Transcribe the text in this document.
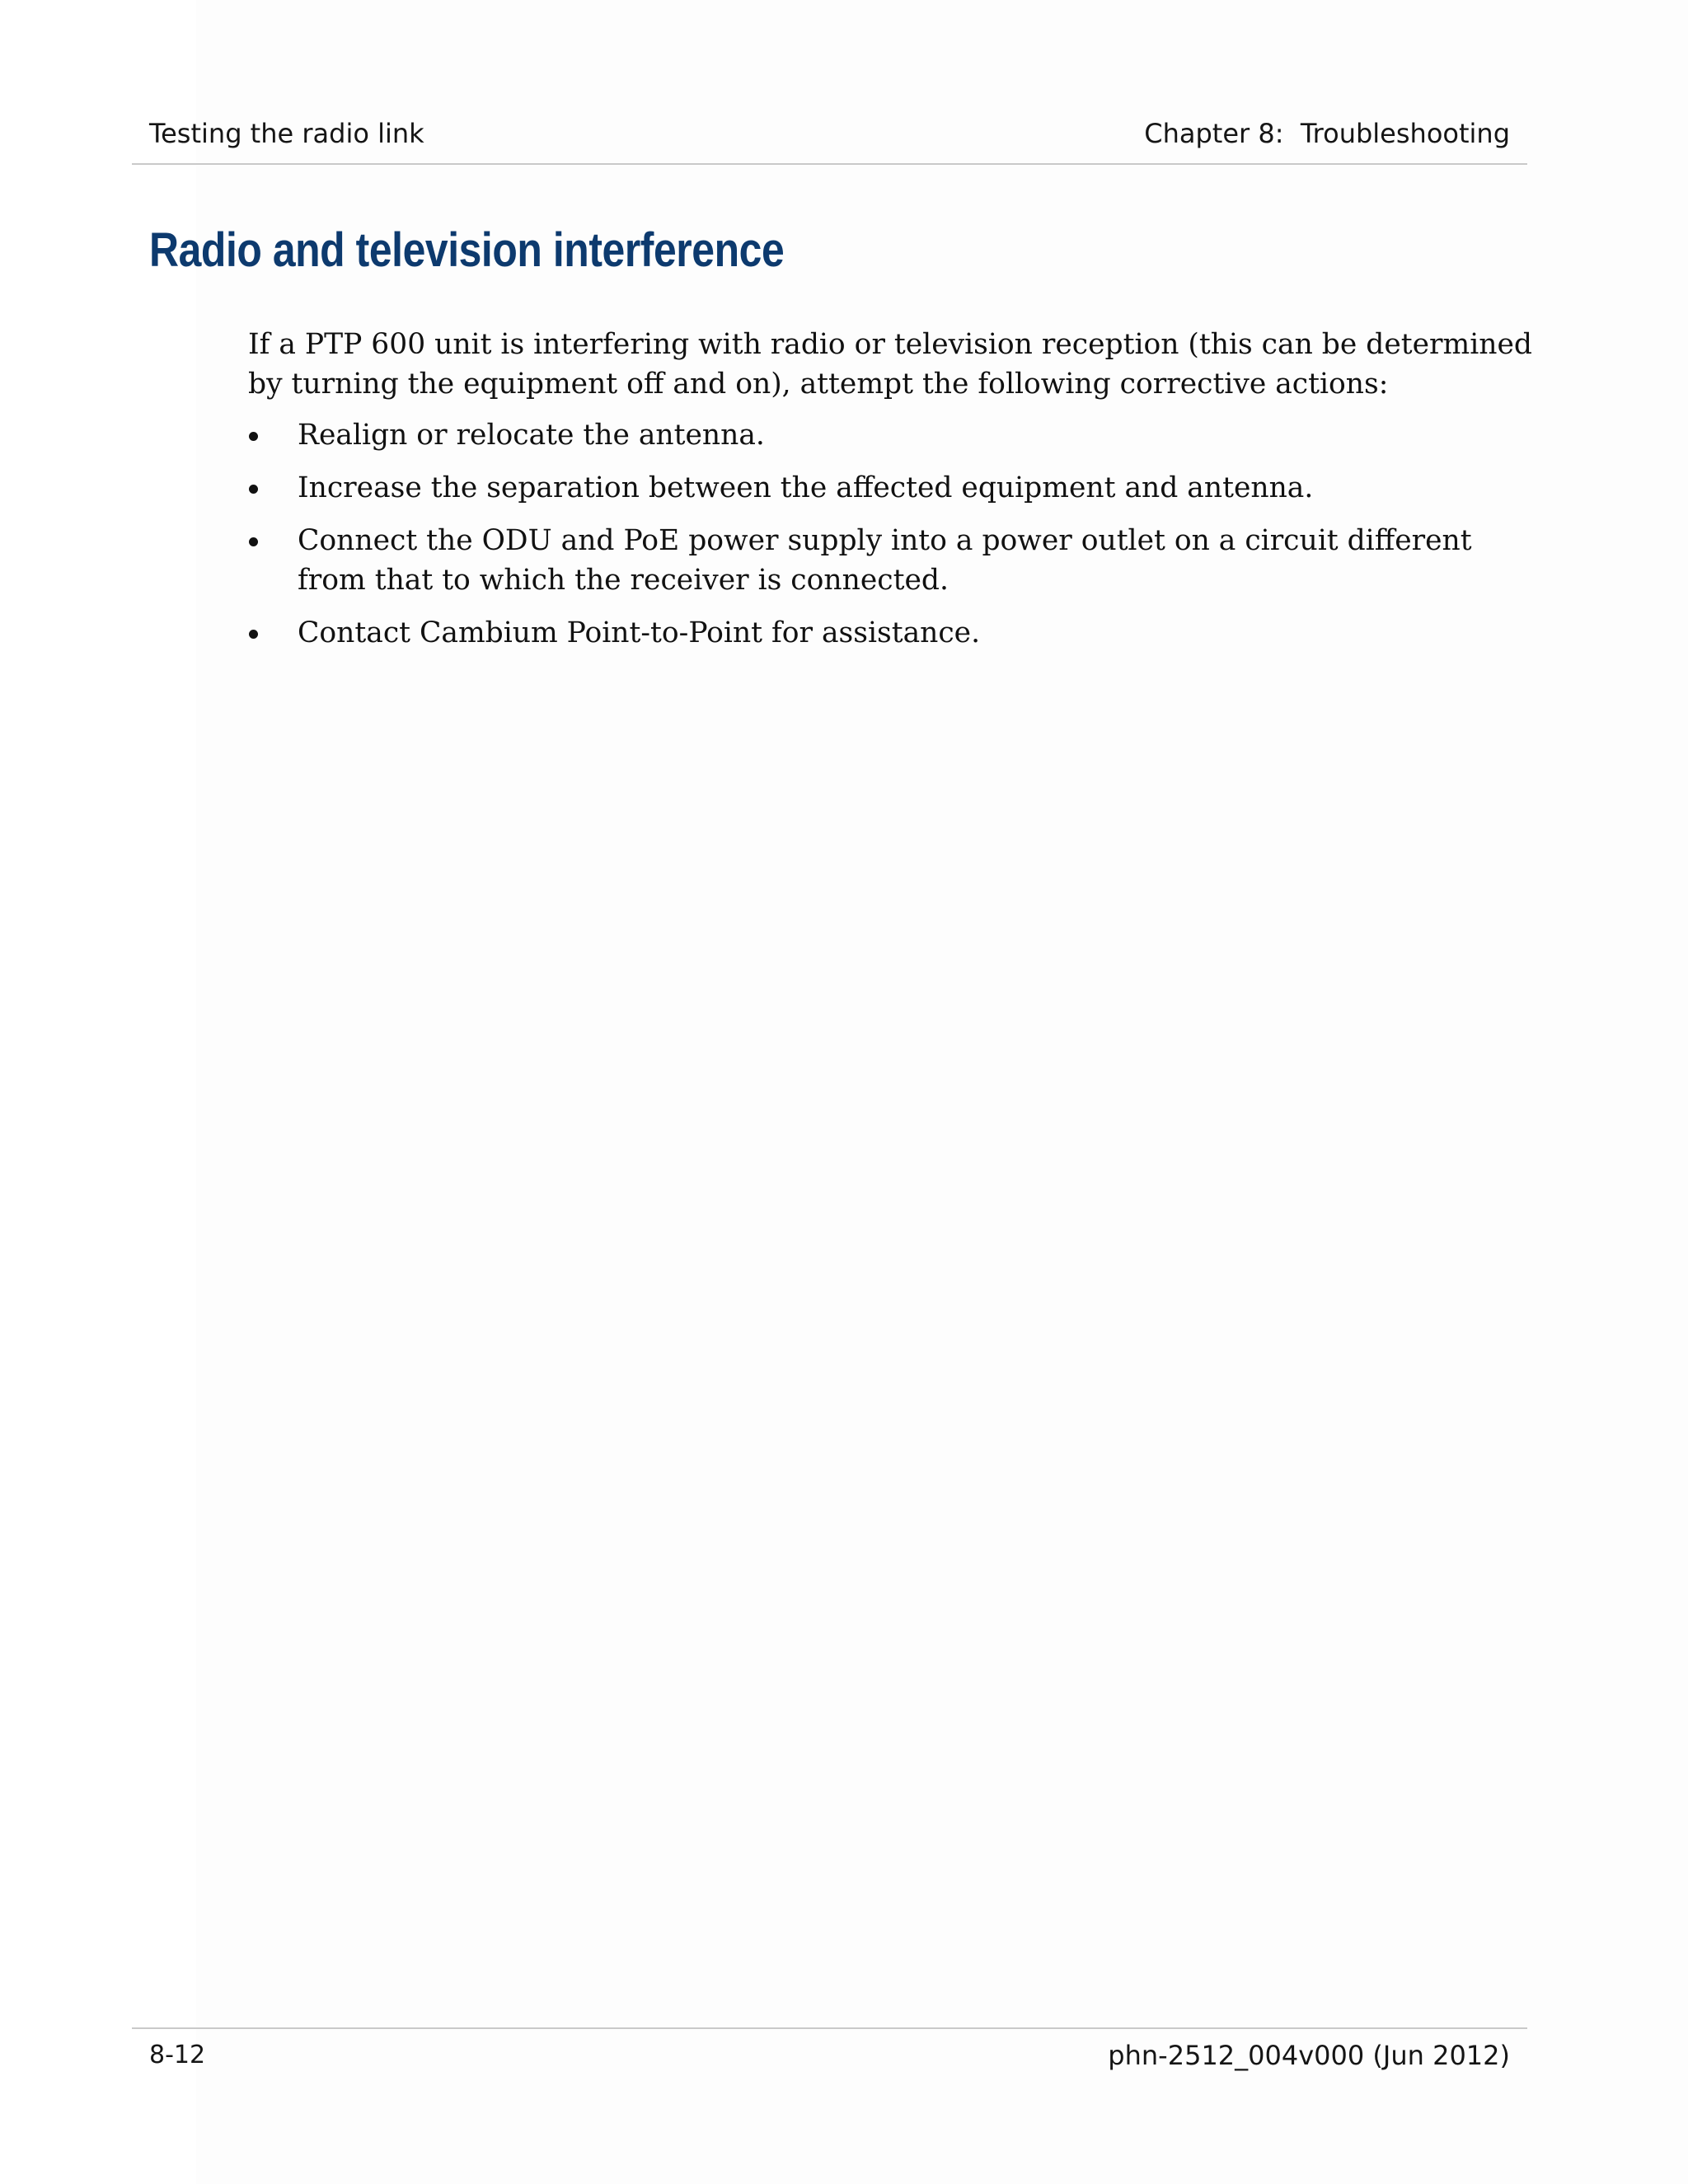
Testing the radio link	Chapter 8:  Troubleshooting
Radio and television interference

If a PTP 600 unit is interfering with radio or television reception (this can be determined by turning the equipment off and on), attempt the following corrective actions:

Realign or relocate the antenna.
Increase the separation between the affected equipment and antenna.
Connect the ODU and PoE power supply into a power outlet on a circuit different from that to which the receiver is connected.
Contact Cambium Point-to-Point for assistance.
8-12	phn-2512_004v000 (Jun 2012)
